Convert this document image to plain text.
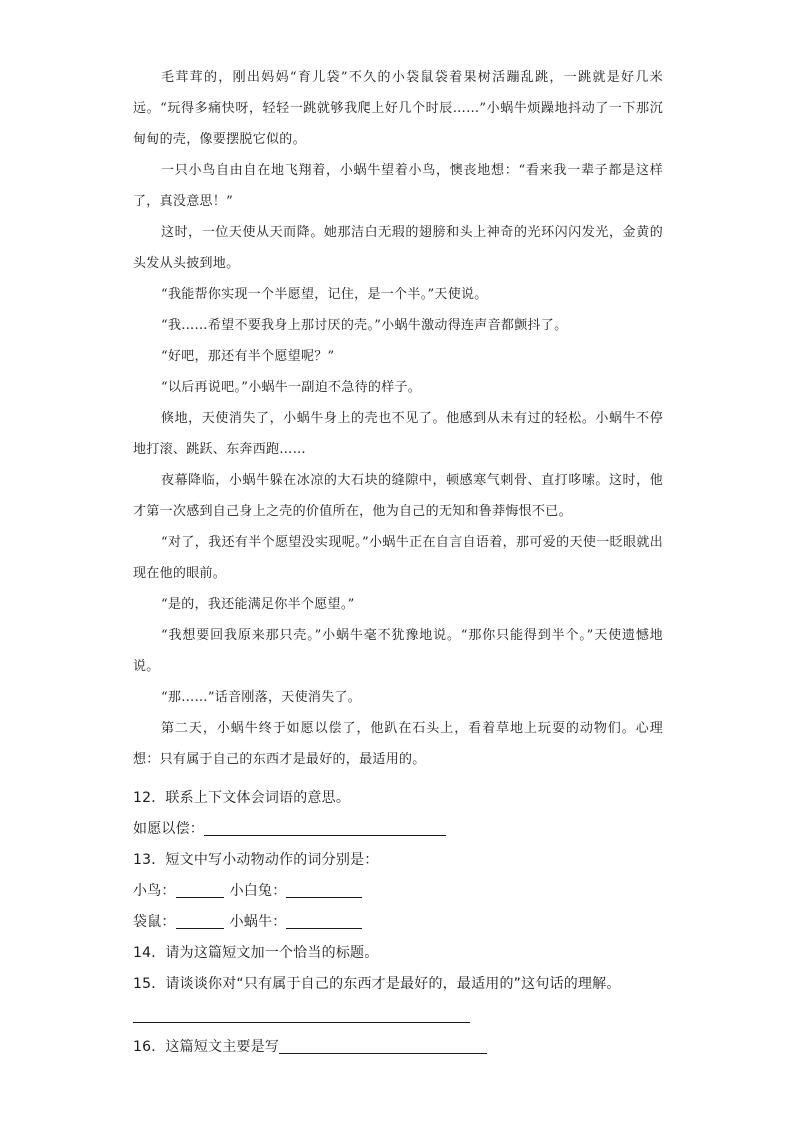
毛茸茸的，刚出妈妈“育儿袋”不久的小袋鼠袋着果树活蹦乱跳，一跳就是好几米远。“玩得多痛快呀，轻轻一跳就够我爬上好几个时辰……”小蜗牛烦躁地抖动了一下那沉甸甸的壳，像要摆脱它似的。

一只小鸟自由自在地飞翔着，小蜗牛望着小鸟，懊丧地想：“看来我一辈子都是这样了，真没意思！”

这时，一位天使从天而降。她那洁白无瑕的翅膀和头上神奇的光环闪闪发光，金黄的头发从头披到地。

“我能帮你实现一个半愿望，记住，是一个半。”天使说。

“我……希望不要我身上那讨厌的壳。”小蜗牛激动得连声音都颤抖了。

“好吧，那还有半个愿望呢？”

“以后再说吧。”小蜗牛一副迫不急待的样子。

倏地，天使消失了，小蜗牛身上的壳也不见了。他感到从未有过的轻松。小蜗牛不停地打滚、跳跃、东奔西跑……

夜幕降临，小蜗牛躲在冰凉的大石块的缝隙中，顿感寒气刺骨、直打哆嗦。这时，他才第一次感到自己身上之壳的价值所在，他为自己的无知和鲁莽悔恨不已。

“对了，我还有半个愿望没实现呢。”小蜗牛正在自言自语着，那可爱的天使一眨眼就出现在他的眼前。

“是的，我还能满足你半个愿望。”

“我想要回我原来那只壳。”小蜗牛毫不犹豫地说。“那你只能得到半个。”天使遗憾地说。

“那……”话音刚落，天使消失了。

第二天，小蜗牛终于如愿以偿了，他趴在石头上，看着草地上玩耍的动物们。心理想：只有属于自己的东西才是最好的，最适用的。

12．联系上下文体会词语的意思。
如愿以偿：
13．短文中写小动物动作的词分别是：
小鸟：	小白兔：
袋鼠：	小蜗牛：
14．请为这篇短文加一个恰当的标题。
15．请谈谈你对“只有属于自己的东西才是最好的，最适用的”这句话的理解。
16．这篇短文主要是写
